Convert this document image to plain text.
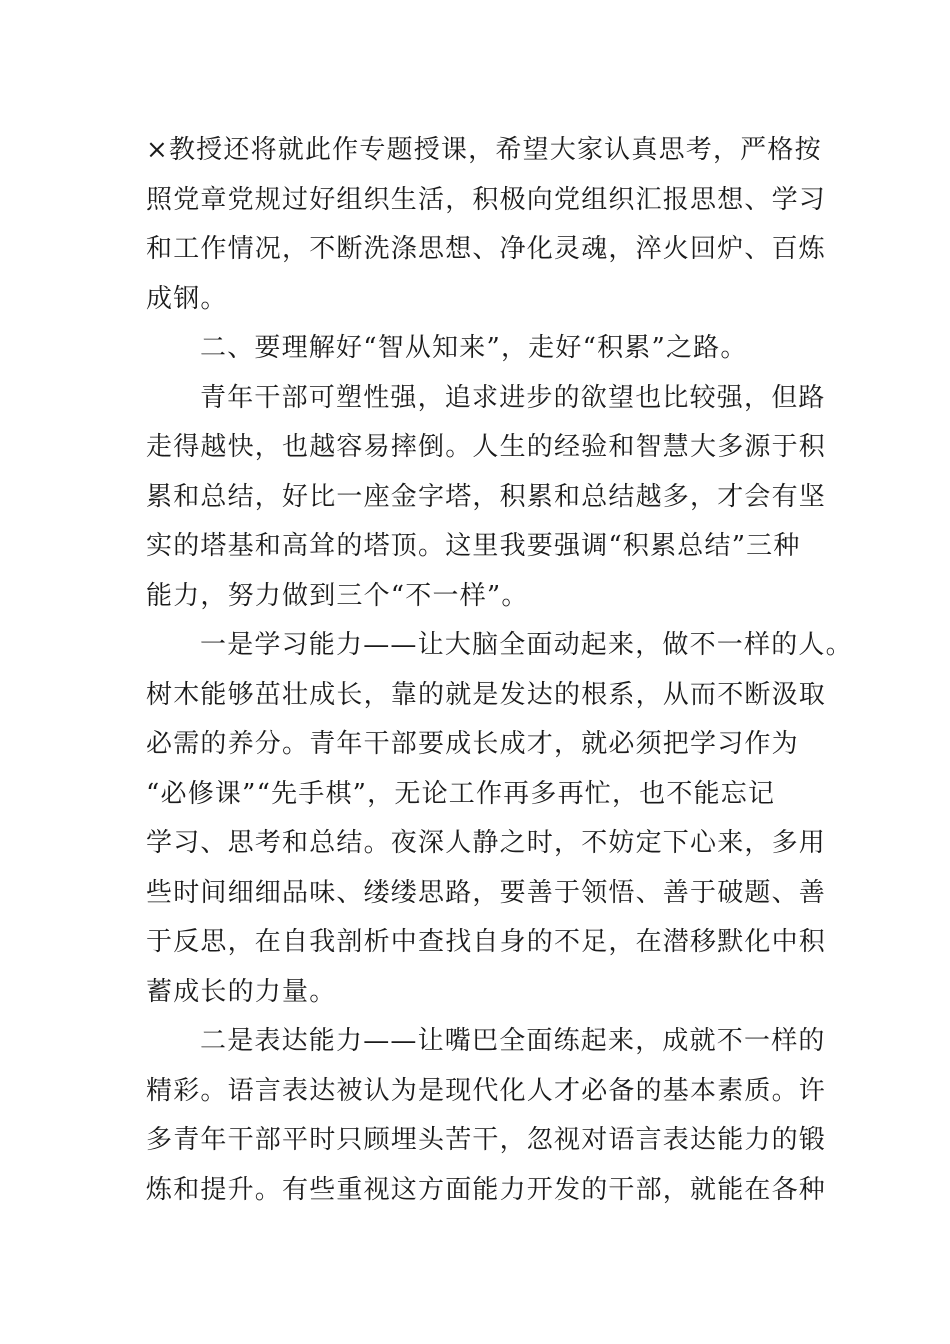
×教授还将就此作专题授课，希望大家认真思考，严格按
照党章党规过好组织生活，积极向党组织汇报思想、学习
和工作情况，不断洗涤思想、净化灵魂，淬火回炉、百炼
成钢。
二、要理解好“智从知来”，走好“积累”之路。
青年干部可塑性强，追求进步的欲望也比较强，但路
走得越快，也越容易摔倒。人生的经验和智慧大多源于积
累和总结，好比一座金字塔，积累和总结越多，才会有坚
实的塔基和高耸的塔顶。这里我要强调“积累总结”三种
能力，努力做到三个“不一样”。
一是学习能力——让大脑全面动起来，做不一样的人。
树木能够茁壮成长，靠的就是发达的根系，从而不断汲取
必需的养分。青年干部要成长成才，就必须把学习作为
“必修课”“先手棋”，无论工作再多再忙，也不能忘记
学习、思考和总结。夜深人静之时，不妨定下心来，多用
些时间细细品味、缕缕思路，要善于领悟、善于破题、善
于反思，在自我剖析中查找自身的不足，在潜移默化中积
蓄成长的力量。
二是表达能力——让嘴巴全面练起来，成就不一样的
精彩。语言表达被认为是现代化人才必备的基本素质。许
多青年干部平时只顾埋头苦干，忽视对语言表达能力的锻
炼和提升。有些重视这方面能力开发的干部，就能在各种
